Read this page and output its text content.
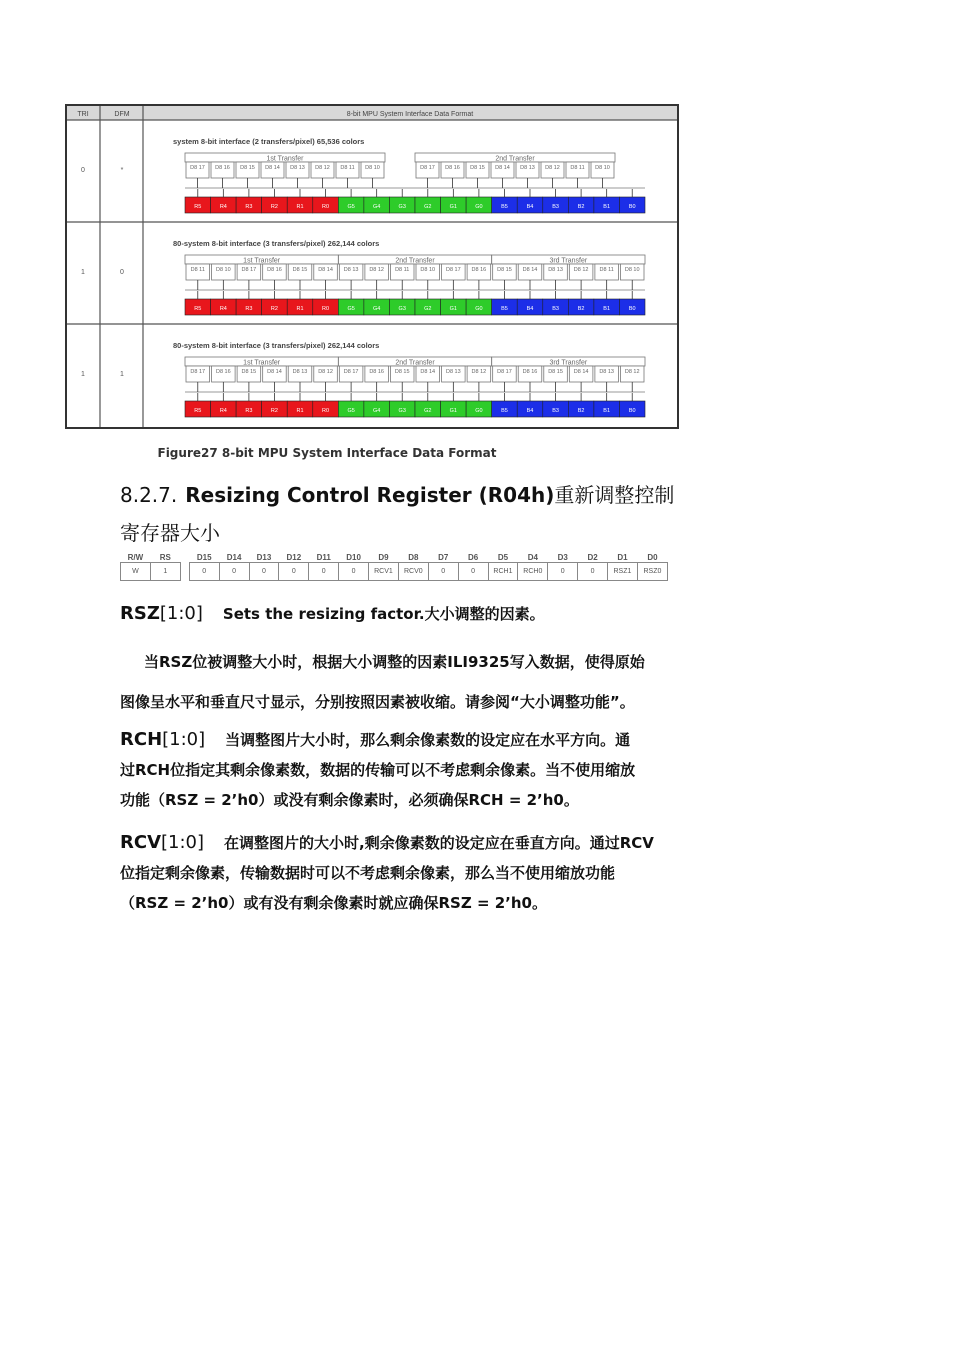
TRI	DFM	8-bit MPU System Interface Data Format
0	*
system 8-bit interface (2 transfers/pixel) 65,536 colors
1st Transfer	2nd Transfer
D8 17 D8 16 D8 15 D8 14 D8 13 D8 12 D8 11 D8 10	D8 17 D8 16 D8 15 D8 14 D8 13 D8 12 D8 11 D8 10
R5	R4	R3	R2	R1	R0	G5	G4	G3	G2	G1	G0	B5	B4	B3	B2	B1	B0
1	0
80-system 8-bit interface (3 transfers/pixel) 262,144 colors
1st Transfer	2nd Transfer	3rd Transfer
D8 11 D8 10 D8 17 D8 16 D8 15 D8 14 D8 13 D8 12 D8 11 D8 10 D8 17 D8 16 D8 15 D8 14 D8 13 D8 12 D8 11 D8 10
R5	R4	R3	R2	R1	R0	G5	G4	G3	G2	G1	G0	B5	B4	B3	B2	B1	B0
1	1
80-system 8-bit interface (3 transfers/pixel) 262,144 colors
1st Transfer	2nd Transfer	3rd Transfer
D8 17 D8 16 D8 15 D8 14 D8 13 D8 12 D8 17 D8 16 D8 15 D8 14 D8 13 D8 12 D8 17 D8 16 D8 15 D8 14 D8 13 D8 12
R5	R4	R3	R2	R1	R0	G5	G4	G3	G2	G1	G0	B5	B4	B3	B2	B1	B0
Figure27 8-bit MPU System Interface Data Format
8.2.7. Resizing Control Register (R04h)重新调整控制寄存器大小
R/W	RS		D15	D14	D13	D12	D11	D10	D9	D8	D7	D6	D5	D4	D3	D2	D1	D0
W	1		0	0	0	0	0	0	RCV1	RCV0	0	0	RCH1	RCH0	0	0	RSZ1	RSZ0
RSZ[1:0] Sets the resizing factor.大小调整的因素。
当RSZ位被调整大小时，根据大小调整的因素ILI9325写入数据，使得原始
图像呈水平和垂直尺寸显示，分别按照因素被收缩。请参阅“大小调整功能”。
RCH[1:0] 当调整图片大小时，那么剩余像素数的设定应在水平方向。通
过RCH位指定其剩余像素数，数据的传输可以不考虑剩余像素。当不使用缩放
功能（RSZ = 2’h0）或没有剩余像素时，必须确保RCH = 2’h0。
RCV[1:0] 在调整图片的大小时,剩余像素数的设定应在垂直方向。通过RCV
位指定剩余像素，传输数据时可以不考虑剩余像素，那么当不使用缩放功能
（RSZ = 2’h0）或有没有剩余像素时就应确保RSZ = 2’h0。
